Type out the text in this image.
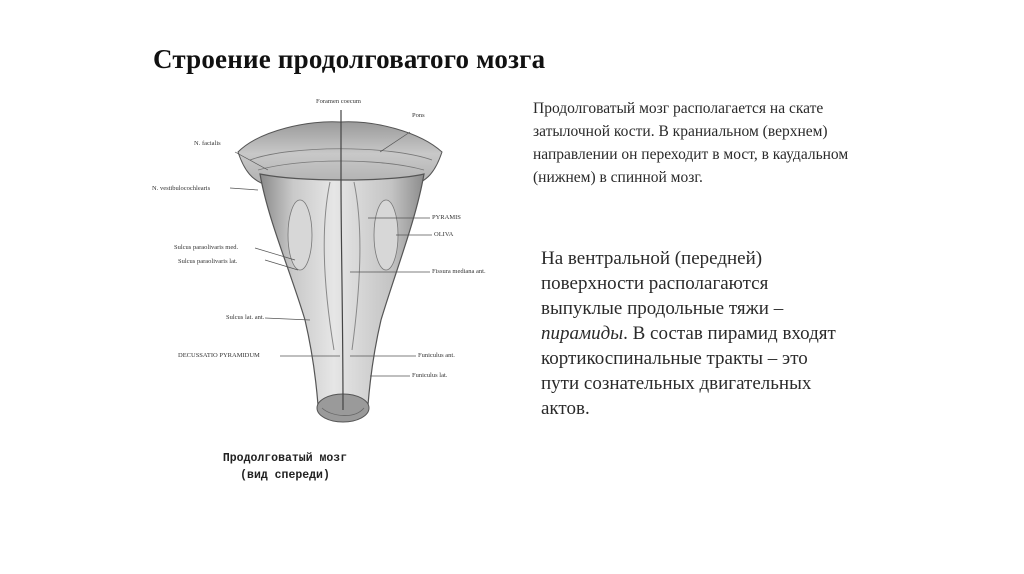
Строение продолговатого мозга
Foramen coecum
Pons
N. facialis
N. vestibulocochlearis
PYRAMIS
OLIVA
Sulcus paraolivaris med.
Sulcus paraolivaris lat.
Fissura mediana ant.
Sulcus lat. ant.
DECUSSATIO PYRAMIDUM	Funiculus ant.
Funiculus lat.
Продолговатый мозг
(вид спереди)
Продолговатый мозг располагается на скате затылочной кости. В краниальном (верхнем) направлении он переходит в мост, в каудальном (нижнем) в спинной мозг.
На вентральной (передней) поверхности располагаются выпуклые продольные тяжи – пирамиды. В состав пирамид входят кортикоспинальные тракты – это пути сознательных двигательных актов.
